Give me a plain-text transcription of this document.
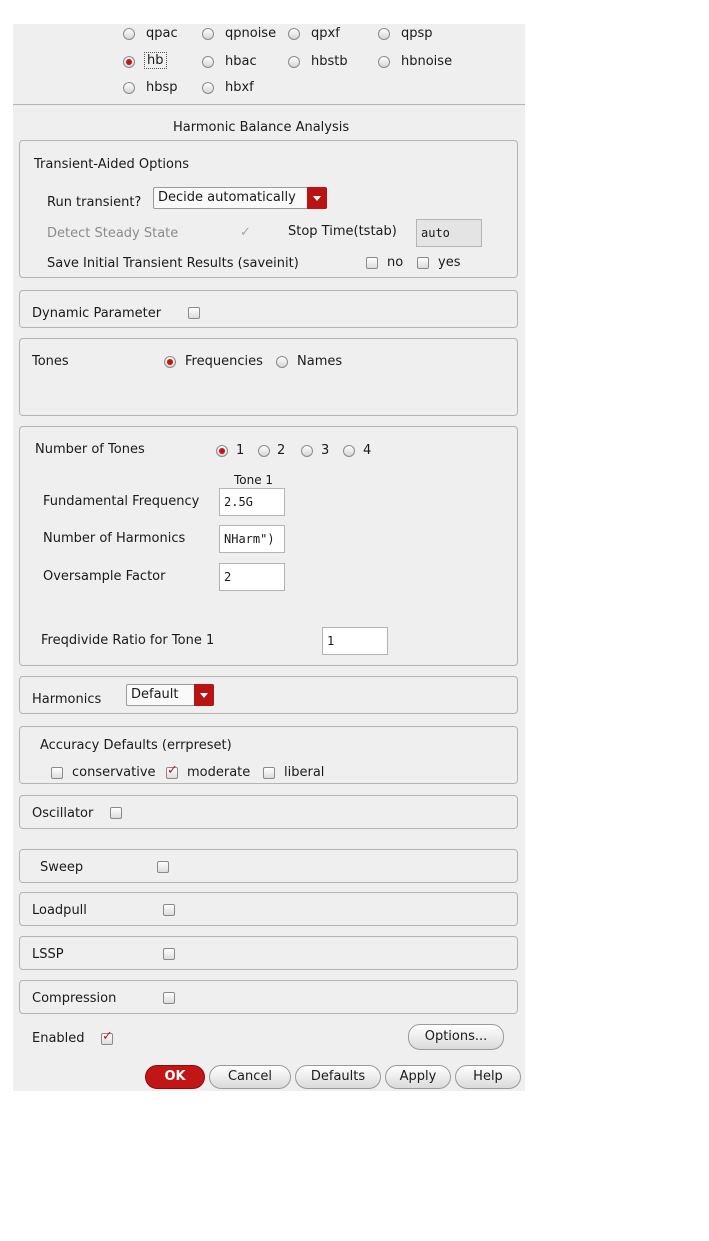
qpac	qpnoise	qpxf	qpsp
hb	hbac	hbstb	hbnoise
hbsp	hbxf
Harmonic Balance Analysis
Transient-Aided Options
Run transient? Decide automatically
Detect Steady State	✓	Stop Time(tstab)	auto
Save Initial Transient Results (saveinit)	no	yes
Dynamic Parameter
Tones	Frequencies	Names
Number of Tones	1	2	3	4
Tone 1
Fundamental Frequency	2.5G
Number of Harmonics	NHarm")
Oversample Factor	2
Freqdivide Ratio for Tone 1	1
Harmonics Default
Accuracy Defaults (errpreset)
conservative ✓ moderate	liberal
Oscillator
Sweep
Loadpull
LSSP
Compression
Enabled ✓	Options...
OK	Cancel	Defaults	Apply	Help
